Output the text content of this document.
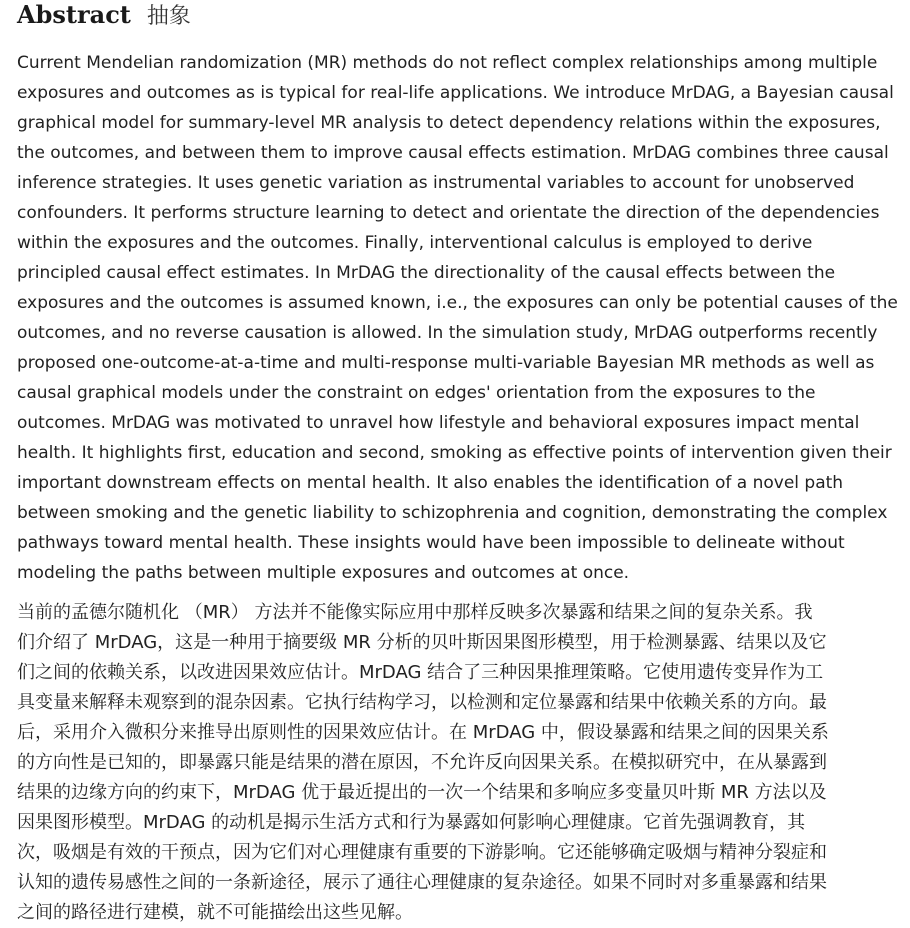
Abstract 抽象
Current Mendelian randomization (MR) methods do not reflect complex relationships among multiple
exposures and outcomes as is typical for real-life applications. We introduce MrDAG, a Bayesian causal
graphical model for summary-level MR analysis to detect dependency relations within the exposures,
the outcomes, and between them to improve causal effects estimation. MrDAG combines three causal
inference strategies. It uses genetic variation as instrumental variables to account for unobserved
confounders. It performs structure learning to detect and orientate the direction of the dependencies
within the exposures and the outcomes. Finally, interventional calculus is employed to derive
principled causal effect estimates. In MrDAG the directionality of the causal effects between the
exposures and the outcomes is assumed known, i.e., the exposures can only be potential causes of the
outcomes, and no reverse causation is allowed. In the simulation study, MrDAG outperforms recently
proposed one-outcome-at-a-time and multi-response multi-variable Bayesian MR methods as well as
causal graphical models under the constraint on edges' orientation from the exposures to the
outcomes. MrDAG was motivated to unravel how lifestyle and behavioral exposures impact mental
health. It highlights first, education and second, smoking as effective points of intervention given their
important downstream effects on mental health. It also enables the identification of a novel path
between smoking and the genetic liability to schizophrenia and cognition, demonstrating the complex
pathways toward mental health. These insights would have been impossible to delineate without
modeling the paths between multiple exposures and outcomes at once.
当前的孟德尔随机化 （MR） 方法并不能像实际应用中那样反映多次暴露和结果之间的复杂关系。我
们介绍了 MrDAG，这是一种用于摘要级 MR 分析的贝叶斯因果图形模型，用于检测暴露、结果以及它
们之间的依赖关系，以改进因果效应估计。MrDAG 结合了三种因果推理策略。它使用遗传变异作为工
具变量来解释未观察到的混杂因素。它执行结构学习，以检测和定位暴露和结果中依赖关系的方向。最
后，采用介入微积分来推导出原则性的因果效应估计。在 MrDAG 中，假设暴露和结果之间的因果关系
的方向性是已知的，即暴露只能是结果的潜在原因，不允许反向因果关系。在模拟研究中，在从暴露到
结果的边缘方向的约束下，MrDAG 优于最近提出的一次一个结果和多响应多变量贝叶斯 MR 方法以及
因果图形模型。MrDAG 的动机是揭示生活方式和行为暴露如何影响心理健康。它首先强调教育，其
次，吸烟是有效的干预点，因为它们对心理健康有重要的下游影响。它还能够确定吸烟与精神分裂症和
认知的遗传易感性之间的一条新途径，展示了通往心理健康的复杂途径。如果不同时对多重暴露和结果
之间的路径进行建模，就不可能描绘出这些见解。
